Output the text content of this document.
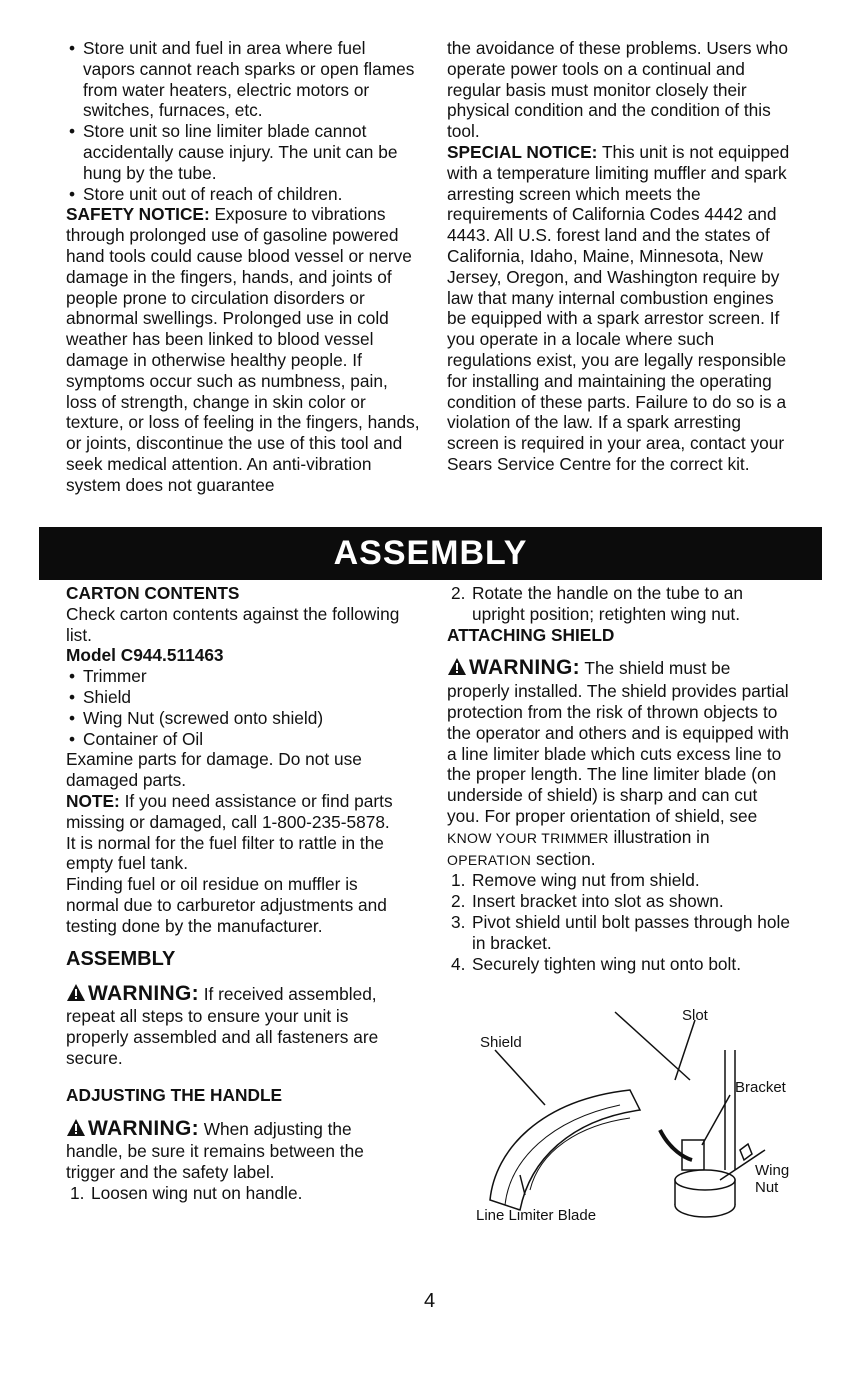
• Store unit and fuel in area where fuel vapors cannot reach sparks or open flames from water heaters, electric motors or switches, furnaces, etc.

• Store unit so line limiter blade cannot accidentally cause injury. The unit can be hung by the tube.

• Store unit out of reach of children.

SAFETY NOTICE: Exposure to vibrations through prolonged use of gasoline powered hand tools could cause blood vessel or nerve damage in the fingers, hands, and joints of people prone to circulation disorders or abnormal swellings. Prolonged use in cold weather has been linked to blood vessel damage in otherwise healthy people. If symptoms occur such as numbness, pain, loss of strength, change in skin color or texture, or loss of feeling in the fingers, hands, or joints, discontinue the use of this tool and seek medical attention. An anti-vibration system does not guarantee

the avoidance of these problems. Users who operate power tools on a continual and regular basis must monitor closely their physical condition and the condition of this tool.

SPECIAL NOTICE: This unit is not equipped with a temperature limiting muffler and spark arresting screen which meets the requirements of California Codes 4442 and 4443. All U.S. forest land and the states of California, Idaho, Maine, Minnesota, New Jersey, Oregon, and Washington require by law that many internal combustion engines be equipped with a spark arrestor screen. If you operate in a locale where such regulations exist, you are legally responsible for installing and maintaining the operating condition of these parts. Failure to do so is a violation of the law. If a spark arresting screen is required in your area, contact your Sears Service Centre for the correct kit.

ASSEMBLY

CARTON CONTENTS

Check carton contents against the following list.

Model C944.511463

• Trimmer

• Shield

• Wing Nut (screwed onto shield)

• Container of Oil

Examine parts for damage. Do not use damaged parts.

NOTE: If you need assistance or find parts missing or damaged, call 1-800-235-5878.

It is normal for the fuel filter to rattle in the empty fuel tank.

Finding fuel or oil residue on muffler is normal due to carburetor adjustments and testing done by the manufacturer.

ASSEMBLY

WARNING: If received assembled, repeat all steps to ensure your unit is properly assembled and all fasteners are secure.

ADJUSTING THE HANDLE

WARNING: When adjusting the handle, be sure it remains between the trigger and the safety label.

1. Loosen wing nut on handle.

2. Rotate the handle on the tube to an upright position; retighten wing nut.

ATTACHING SHIELD

WARNING: The shield must be properly installed. The shield provides partial protection from the risk of thrown objects to the operator and others and is equipped with a line limiter blade which cuts excess line to the proper length. The line limiter blade (on underside of shield) is sharp and can cut you. For proper orientation of shield, see KNOW YOUR TRIMMER illustration in OPERATION section.

1. Remove wing nut from shield.

2. Insert bracket into slot as shown.

3. Pivot shield until bolt passes through hole in bracket.

4. Securely tighten wing nut onto bolt.

Shield
Slot
Bracket
Wing
Nut
Line Limiter Blade
4
